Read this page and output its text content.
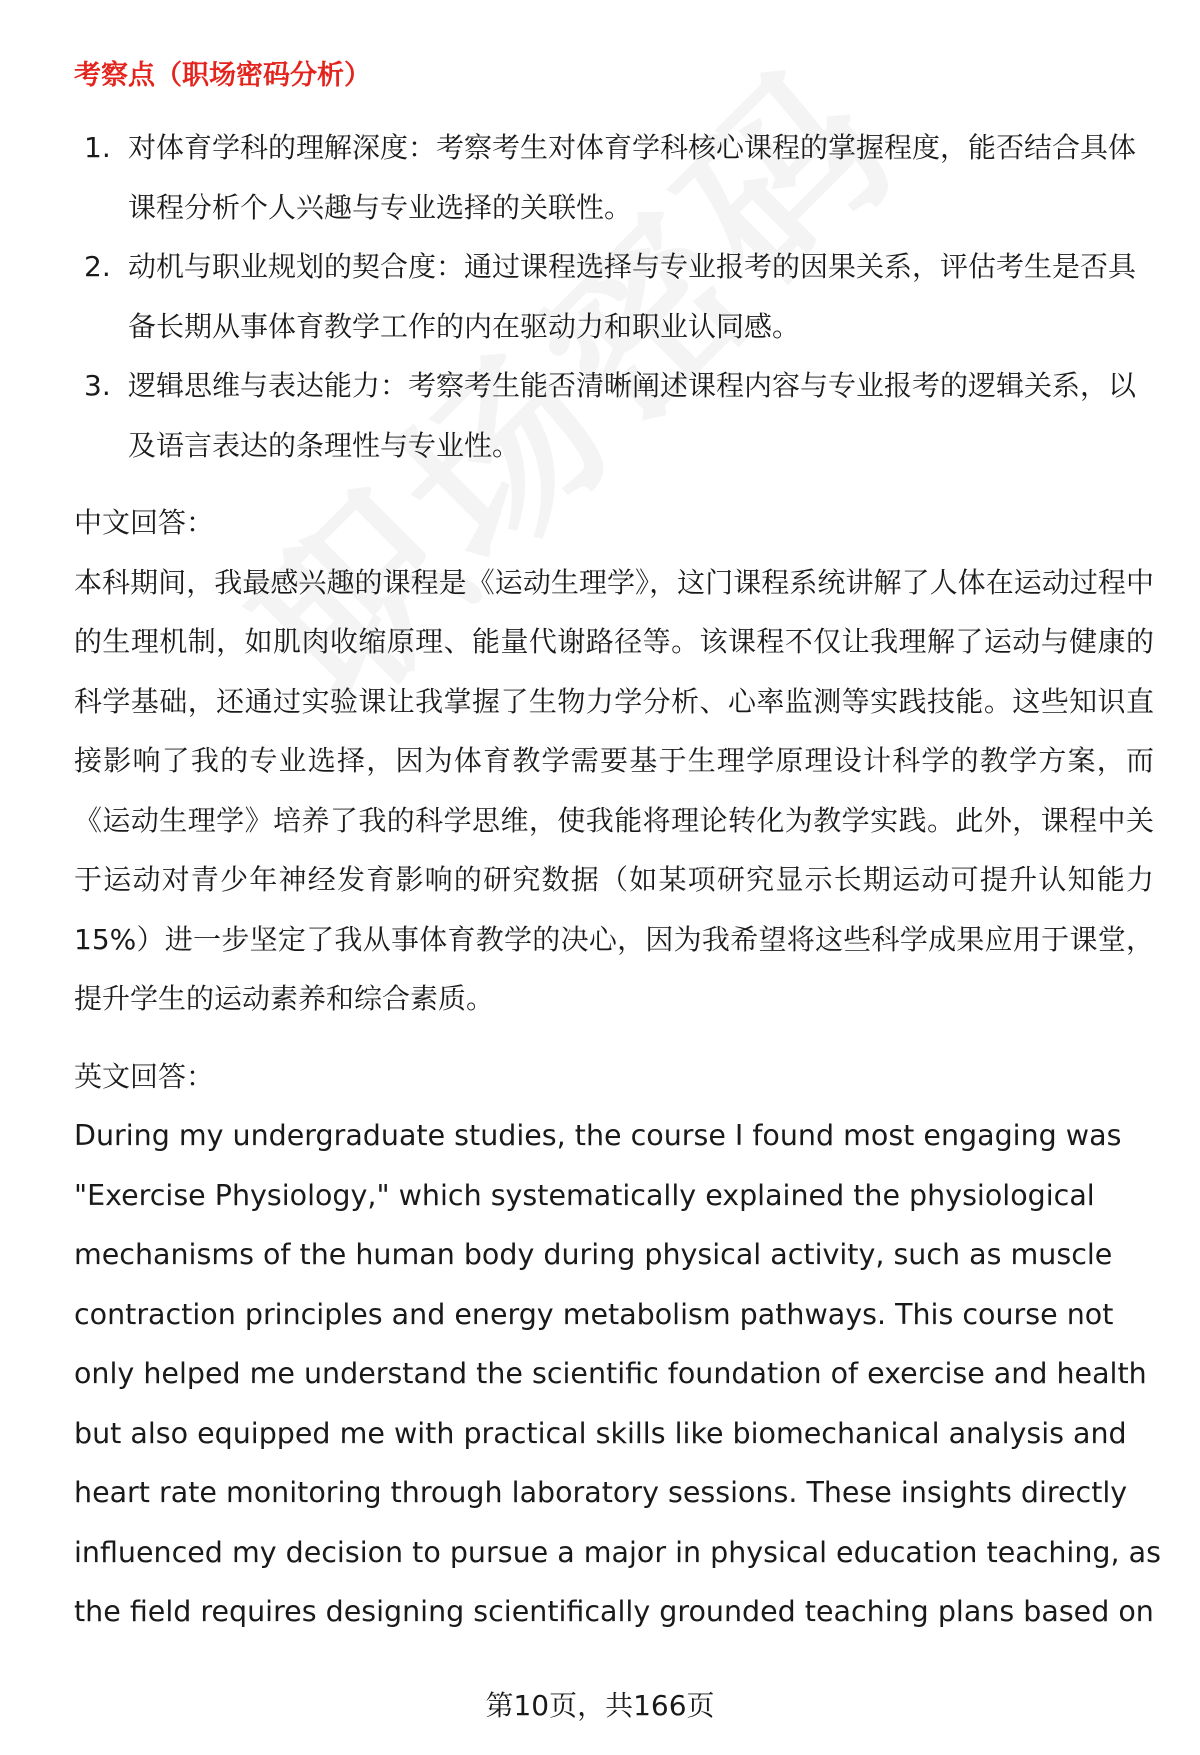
考察点（职场密码分析）
1. 对体育学科的理解深度：考察考生对体育学科核心课程的掌握程度，能否结合具体课程分析个人兴趣与专业选择的关联性。
2. 动机与职业规划的契合度：通过课程选择与专业报考的因果关系，评估考生是否具备长期从事体育教学工作的内在驱动力和职业认同感。
3. 逻辑思维与表达能力：考察考生能否清晰阐述课程内容与专业报考的逻辑关系，以及语言表达的条理性与专业性。
中文回答：
本科期间，我最感兴趣的课程是《运动生理学》，这门课程系统讲解了人体在运动过程中的生理机制，如肌肉收缩原理、能量代谢路径等。该课程不仅让我理解了运动与健康的科学基础，还通过实验课让我掌握了生物力学分析、心率监测等实践技能。这些知识直接影响了我的专业选择，因为体育教学需要基于生理学原理设计科学的教学方案，而《运动生理学》培养了我的科学思维，使我能将理论转化为教学实践。此外，课程中关于运动对青少年神经发育影响的研究数据（如某项研究显示长期运动可提升认知能力15%）进一步坚定了我从事体育教学的决心，因为我希望将这些科学成果应用于课堂，提升学生的运动素养和综合素质。
英文回答：

During my undergraduate studies, the course I found most engaging was
"Exercise Physiology," which systematically explained the physiological
mechanisms of the human body during physical activity, such as muscle
contraction principles and energy metabolism pathways. This course not
only helped me understand the scientific foundation of exercise and health
but also equipped me with practical skills like biomechanical analysis and
heart rate monitoring through laboratory sessions. These insights directly
influenced my decision to pursue a major in physical education teaching, as
the field requires designing scientifically grounded teaching plans based on

第10页，共166页
